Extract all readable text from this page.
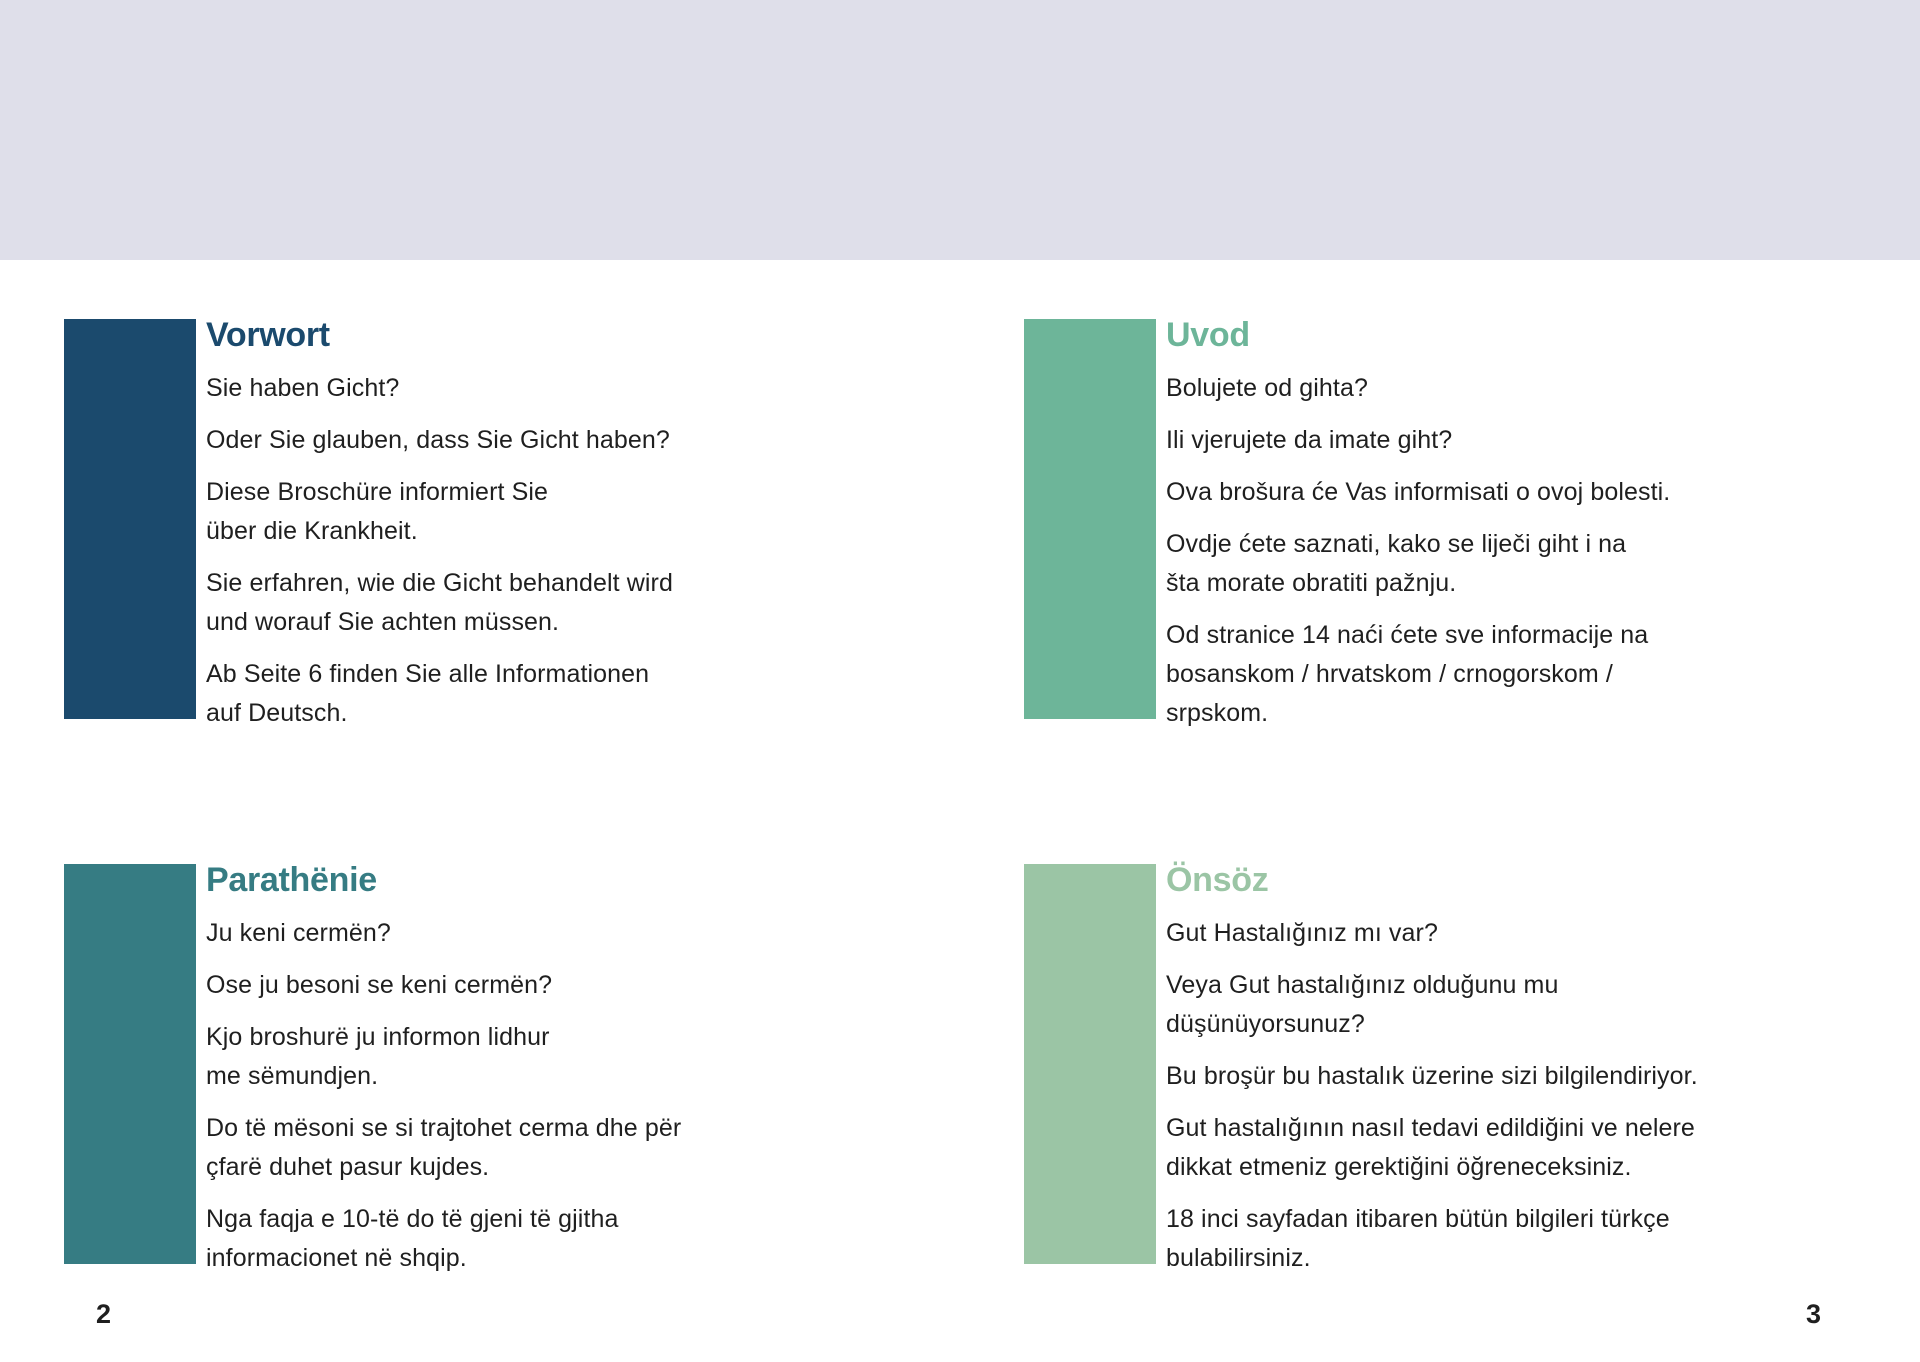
Vorwort

Sie haben Gicht?

Oder Sie glauben, dass Sie Gicht haben?

Diese Broschüre informiert Sie
über die Krankheit.

Sie erfahren, wie die Gicht behandelt wird
und worauf Sie achten müssen.

Ab Seite 6 finden Sie alle Informationen
auf Deutsch.

Uvod

Bolujete od gihta?

Ili vjerujete da imate giht?

Ova brošura će Vas informisati o ovoj bolesti.

Ovdje ćete saznati, kako se liječi giht i na
šta morate obratiti pažnju.

Od stranice 14 naći ćete sve informacije na
bosanskom / hrvatskom / crnogorskom /
srpskom.

Parathënie

Ju keni cermën?

Ose ju besoni se keni cermën?

Kjo broshurë ju informon lidhur
me sëmundjen.

Do të mësoni se si trajtohet cerma dhe për
çfarë duhet pasur kujdes.

Nga faqja e 10-të do të gjeni të gjitha
informacionet në shqip.

Önsöz

Gut Hastalığınız mı var?

Veya Gut hastalığınız olduğunu mu
düşünüyorsunuz?

Bu broşür bu hastalık üzerine sizi bilgilendiriyor.

Gut hastalığının nasıl tedavi edildiğini ve nelere
dikkat etmeniz gerektiğini öğreneceksiniz.

18 inci sayfadan itibaren bütün bilgileri türkçe
bulabilirsiniz.

2	3
